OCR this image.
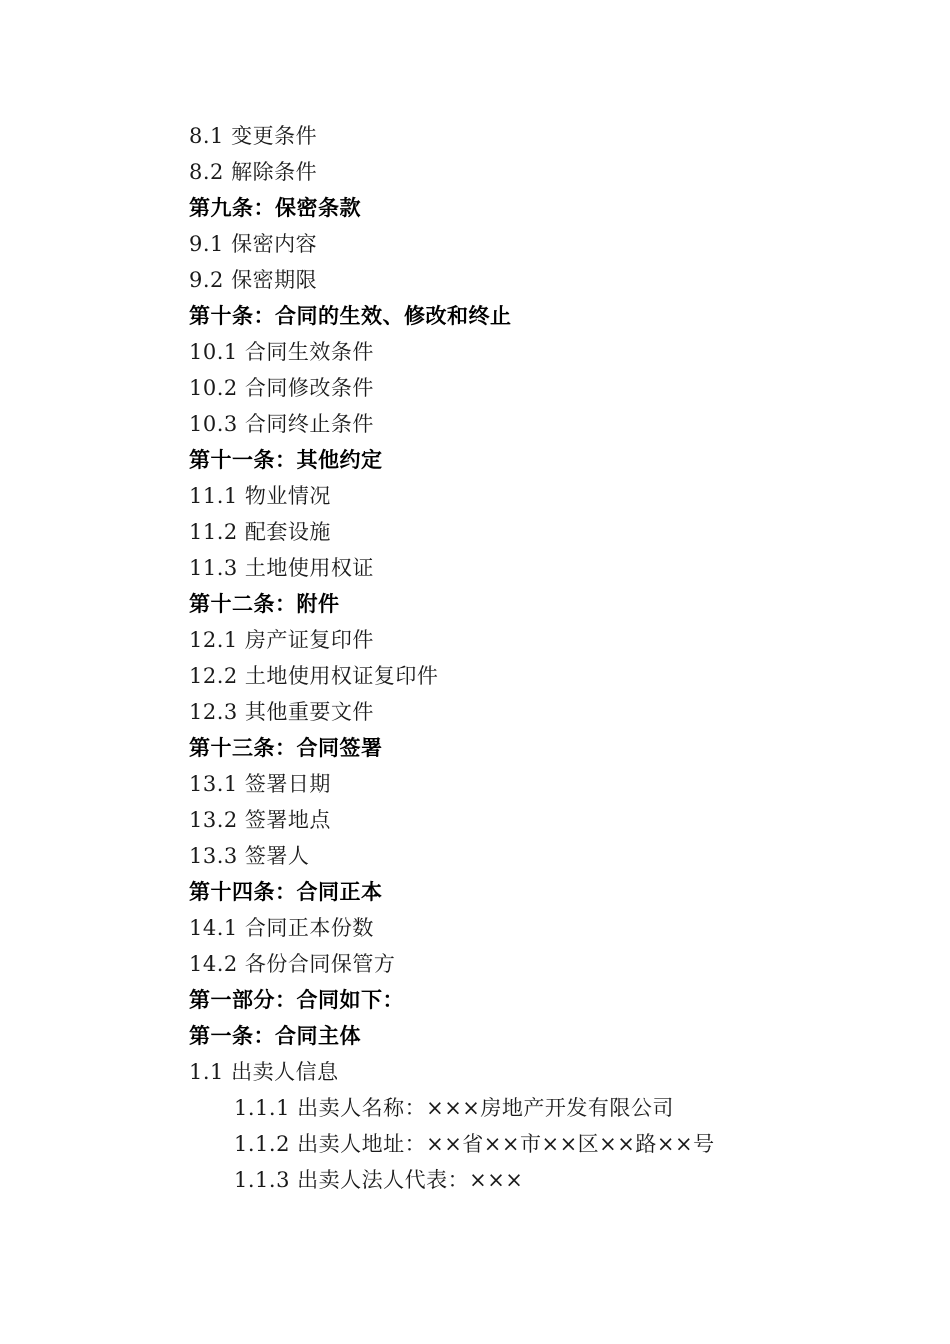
8.1 变更条件
8.2 解除条件
第九条：保密条款
9.1 保密内容
9.2 保密期限
第十条：合同的生效、修改和终止
10.1 合同生效条件
10.2 合同修改条件
10.3 合同终止条件
第十一条：其他约定
11.1 物业情况
11.2 配套设施
11.3 土地使用权证
第十二条：附件
12.1 房产证复印件
12.2 土地使用权证复印件
12.3 其他重要文件
第十三条：合同签署
13.1 签署日期
13.2 签署地点
13.3 签署人
第十四条：合同正本
14.1 合同正本份数
14.2 各份合同保管方
第一部分：合同如下：
第一条：合同主体
1.1 出卖人信息
1.1.1 出卖人名称：×××房地产开发有限公司
1.1.2 出卖人地址：××省××市××区××路××号
1.1.3 出卖人法人代表：×××
